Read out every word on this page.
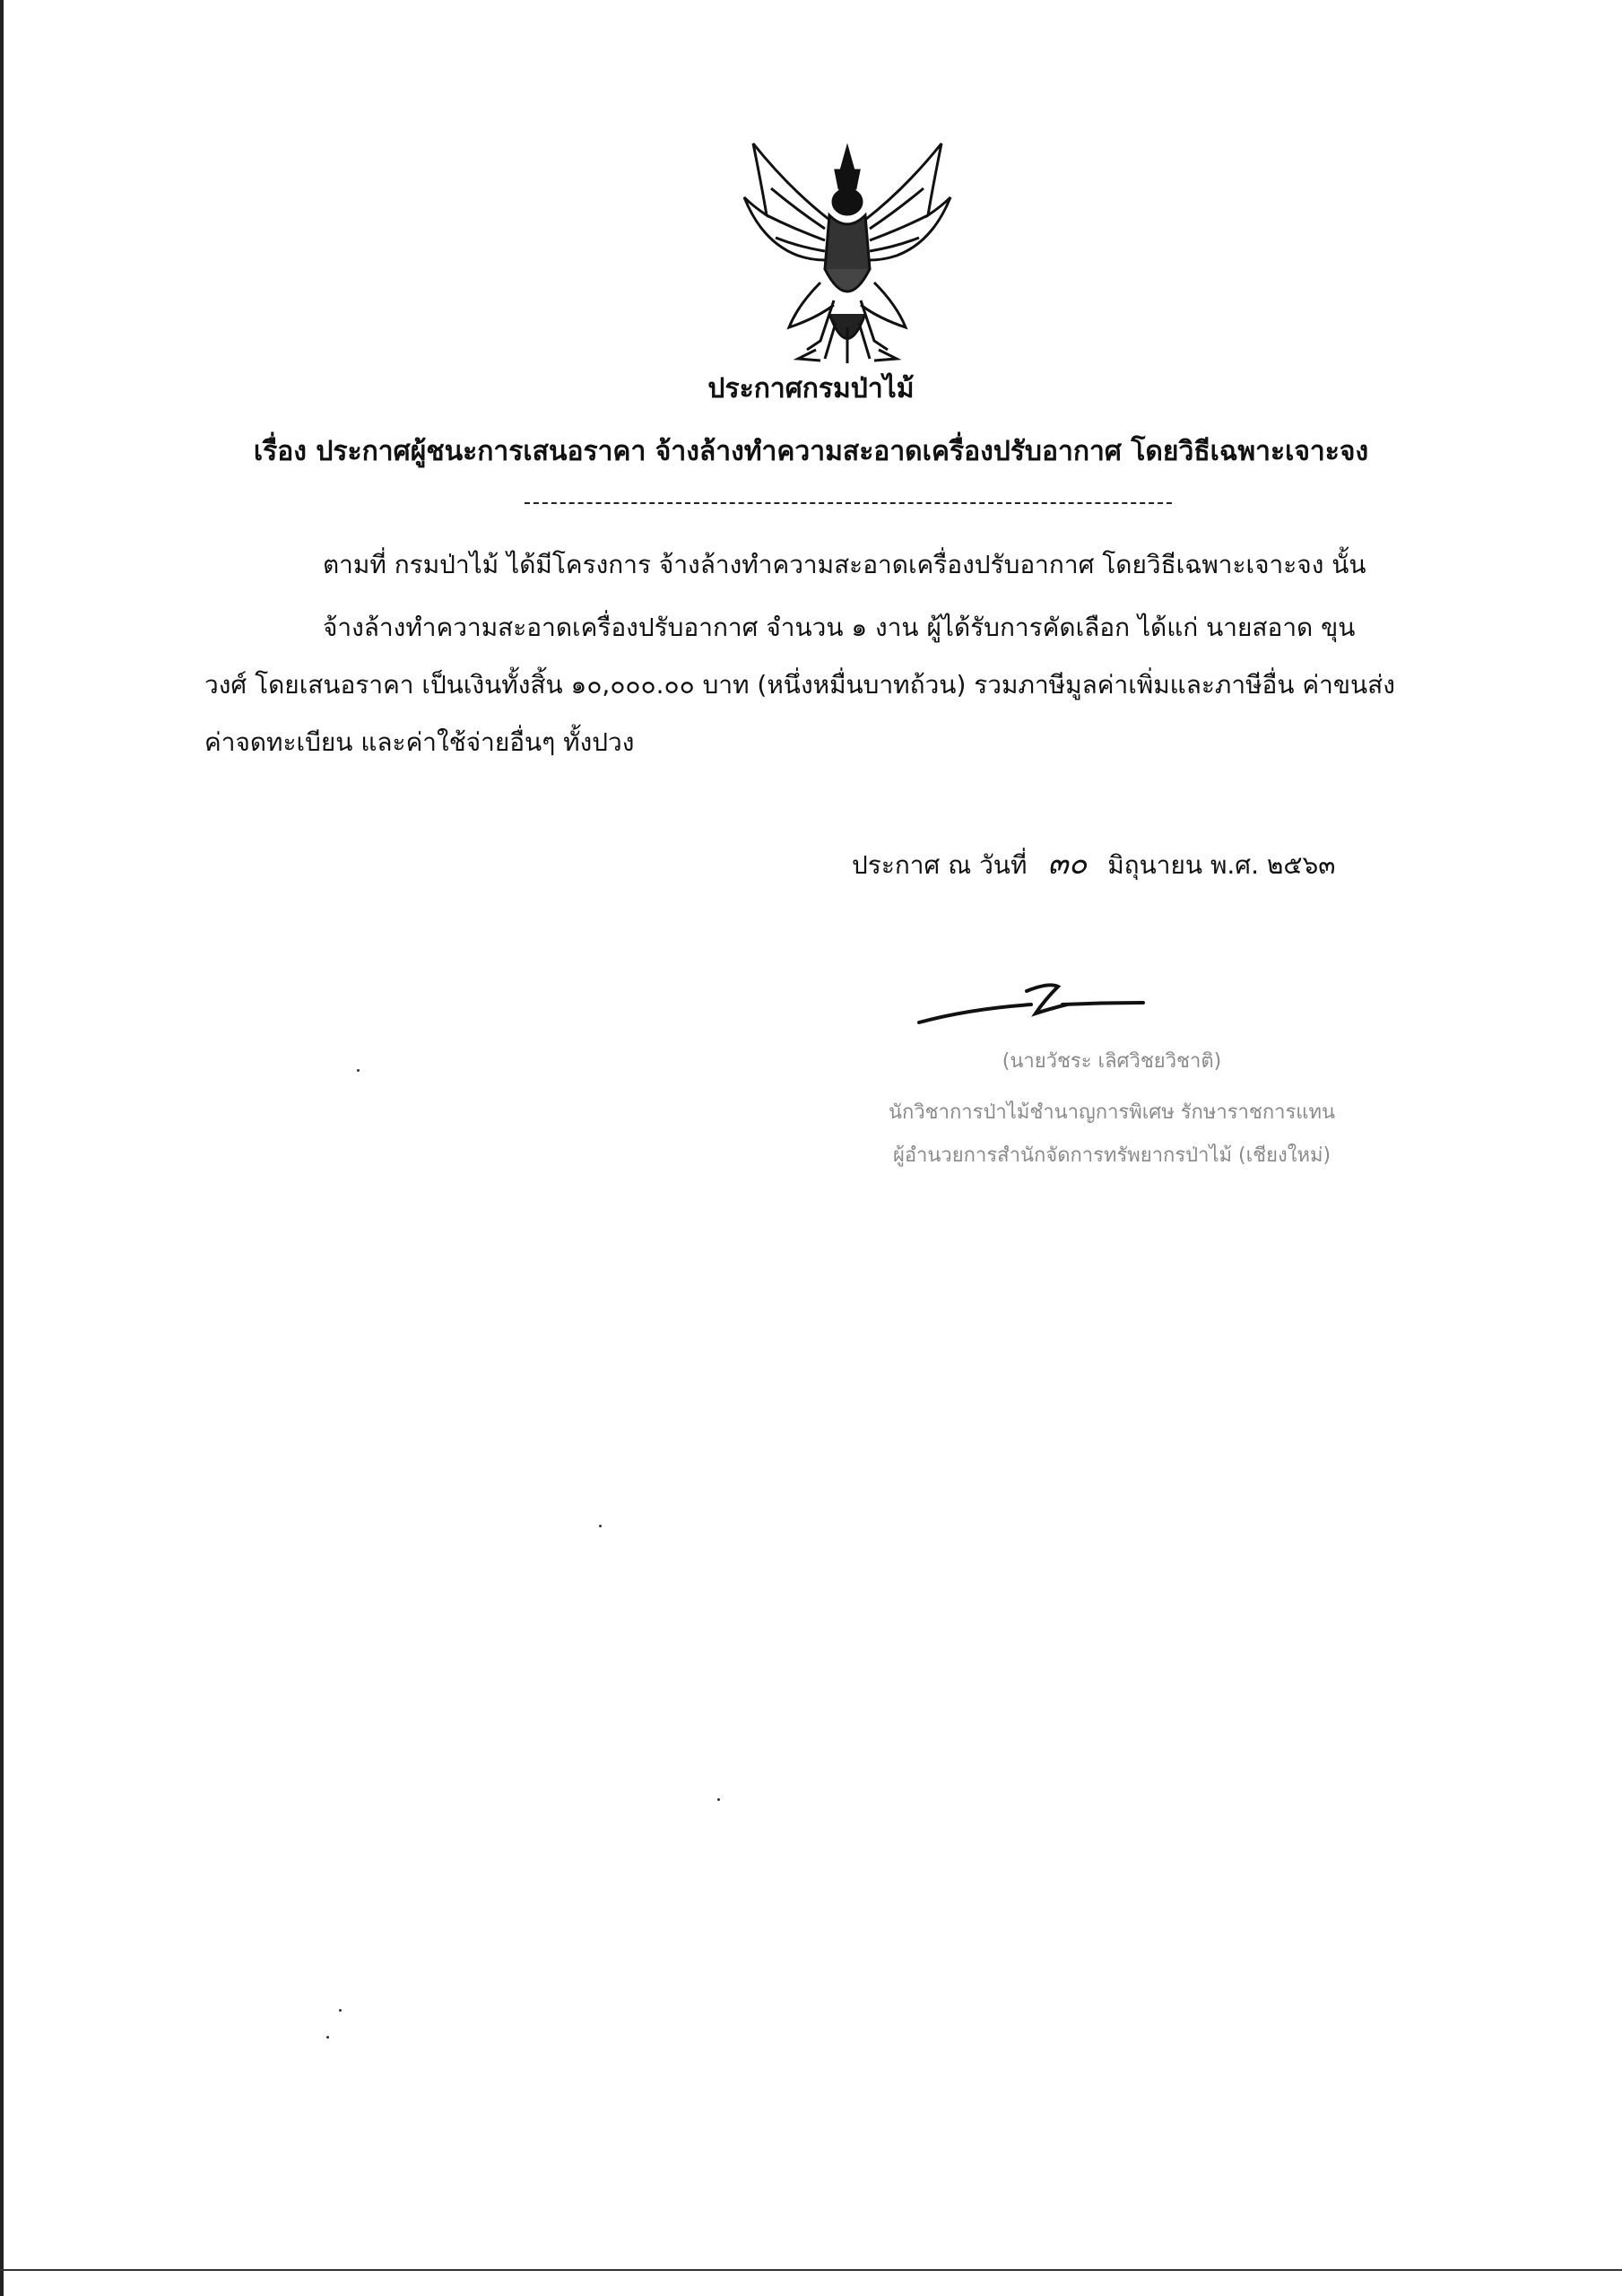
ประกาศกรมป่าไม้
เรื่อง ประกาศผู้ชนะการเสนอราคา จ้างล้างทำความสะอาดเครื่องปรับอากาศ โดยวิธีเฉพาะเจาะจง
ตามที่ กรมป่าไม้ ได้มีโครงการ จ้างล้างทำความสะอาดเครื่องปรับอากาศ โดยวิธีเฉพาะเจาะจง นั้น
จ้างล้างทำความสะอาดเครื่องปรับอากาศ จำนวน ๑ งาน ผู้ได้รับการคัดเลือก ได้แก่ นายสอาด ขุน
วงศ์ โดยเสนอราคา เป็นเงินทั้งสิ้น ๑๐,๐๐๐.๐๐ บาท (หนึ่งหมื่นบาทถ้วน) รวมภาษีมูลค่าเพิ่มและภาษีอื่น ค่าขนส่ง
ค่าจดทะเบียน และค่าใช้จ่ายอื่นๆ ทั้งปวง
ประกาศ ณ วันที่ ๓๐ มิถุนายน พ.ศ. ๒๕๖๓
(นายวัชระ เลิศวิชยวิชาติ)
นักวิชาการป่าไม้ชำนาญการพิเศษ รักษาราชการแทน
ผู้อำนวยการสำนักจัดการทรัพยากรป่าไม้ (เชียงใหม่)
